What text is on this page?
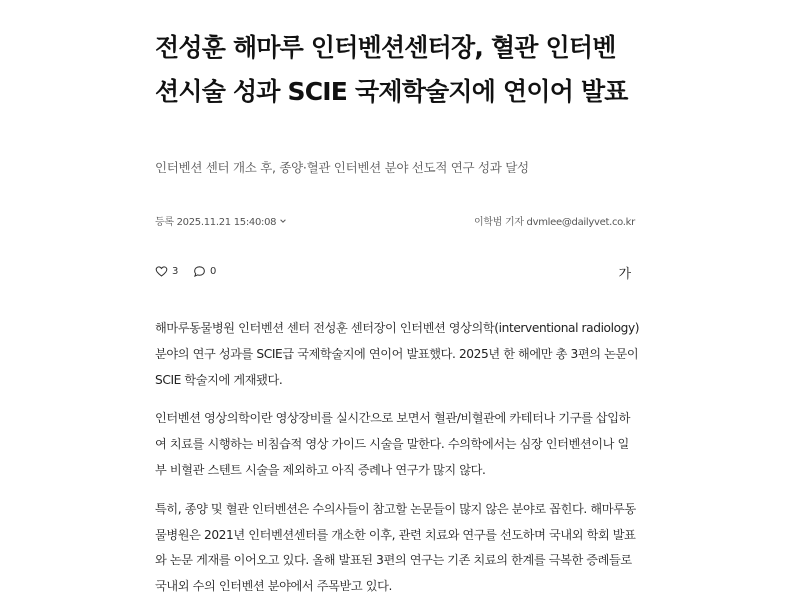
전성훈 해마루 인터벤션센터장, 혈관 인터벤션시술 성과 SCIE 국제학술지에 연이어 발표

인터벤션 센터 개소 후, 종양·혈관 인터벤션 분야 선도적 연구 성과 달성

등록 2025.11.21 15:40:08	이학범 기자 dvmlee@dailyvet.co.kr
3	0	가

해마루동물병원 인터벤션 센터 전성훈 센터장이 인터벤션 영상의학(interventional radiology) 분야의 연구 성과를 SCIE급 국제학술지에 연이어 발표했다. 2025년 한 해에만 총 3편의 논문이 SCIE 학술지에 게재됐다.

인터벤션 영상의학이란 영상장비를 실시간으로 보면서 혈관/비혈관에 카테터나 기구를 삽입하여 치료를 시행하는 비침습적 영상 가이드 시술을 말한다. 수의학에서는 심장 인터벤션이나 일부 비혈관 스텐트 시술을 제외하고 아직 증례나 연구가 많지 않다.

특히, 종양 및 혈관 인터벤션은 수의사들이 참고할 논문들이 많지 않은 분야로 꼽힌다. 해마루동물병원은 2021년 인터벤션센터를 개소한 이후, 관련 치료와 연구를 선도하며 국내외 학회 발표와 논문 게재를 이어오고 있다. 올해 발표된 3편의 연구는 기존 치료의 한계를 극복한 증례들로 국내외 수의 인터벤션 분야에서 주목받고 있다.
